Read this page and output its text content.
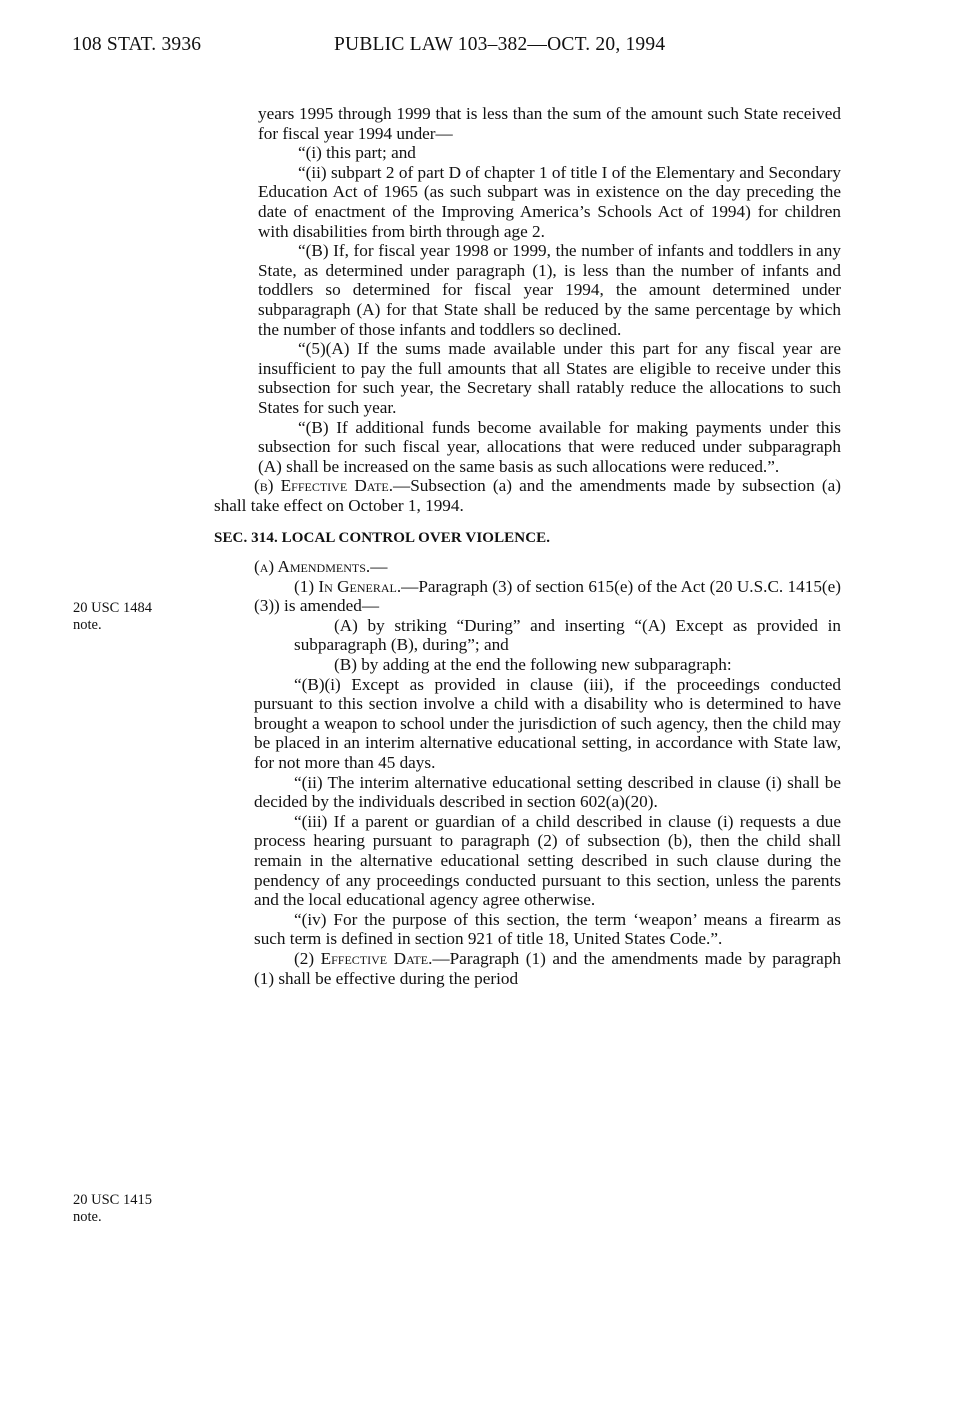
108 STAT. 3936	PUBLIC LAW 103–382—OCT. 20, 1994
20 USC 1484
note.
20 USC 1415
note.

years 1995 through 1999 that is less than the sum of the amount such State received for fiscal year 1994 under—

“(i) this part; and

“(ii) subpart 2 of part D of chapter 1 of title I of the Elementary and Secondary Education Act of 1965 (as such subpart was in existence on the day preceding the date of enactment of the Improving America’s Schools Act of 1994) for children with disabilities from birth through age 2.

“(B) If, for fiscal year 1998 or 1999, the number of infants and toddlers in any State, as determined under paragraph (1), is less than the number of infants and toddlers so determined for fiscal year 1994, the amount determined under subparagraph (A) for that State shall be reduced by the same percentage by which the number of those infants and toddlers so declined.

“(5)(A) If the sums made available under this part for any fiscal year are insufficient to pay the full amounts that all States are eligible to receive under this subsection for such year, the Secretary shall ratably reduce the allocations to such States for such year.

“(B) If additional funds become available for making payments under this subsection for such fiscal year, allocations that were reduced under subparagraph (A) shall be increased on the same basis as such allocations were reduced.”.

(b) Effective Date.—Subsection (a) and the amendments made by subsection (a) shall take effect on October 1, 1994.

SEC. 314. LOCAL CONTROL OVER VIOLENCE.

(a) Amendments.—

(1) In General.—Paragraph (3) of section 615(e) of the Act (20 U.S.C. 1415(e)(3)) is amended—

(A) by striking “During” and inserting “(A) Except as provided in subparagraph (B), during”; and

(B) by adding at the end the following new subparagraph:

“(B)(i) Except as provided in clause (iii), if the proceedings conducted pursuant to this section involve a child with a disability who is determined to have brought a weapon to school under the jurisdiction of such agency, then the child may be placed in an interim alternative educational setting, in accordance with State law, for not more than 45 days.

“(ii) The interim alternative educational setting described in clause (i) shall be decided by the individuals described in section 602(a)(20).

“(iii) If a parent or guardian of a child described in clause (i) requests a due process hearing pursuant to paragraph (2) of subsection (b), then the child shall remain in the alternative educational setting described in such clause during the pendency of any proceedings conducted pursuant to this section, unless the parents and the local educational agency agree otherwise.

“(iv) For the purpose of this section, the term ‘weapon’ means a firearm as such term is defined in section 921 of title 18, United States Code.”.

(2) Effective Date.—Paragraph (1) and the amendments made by paragraph (1) shall be effective during the period
